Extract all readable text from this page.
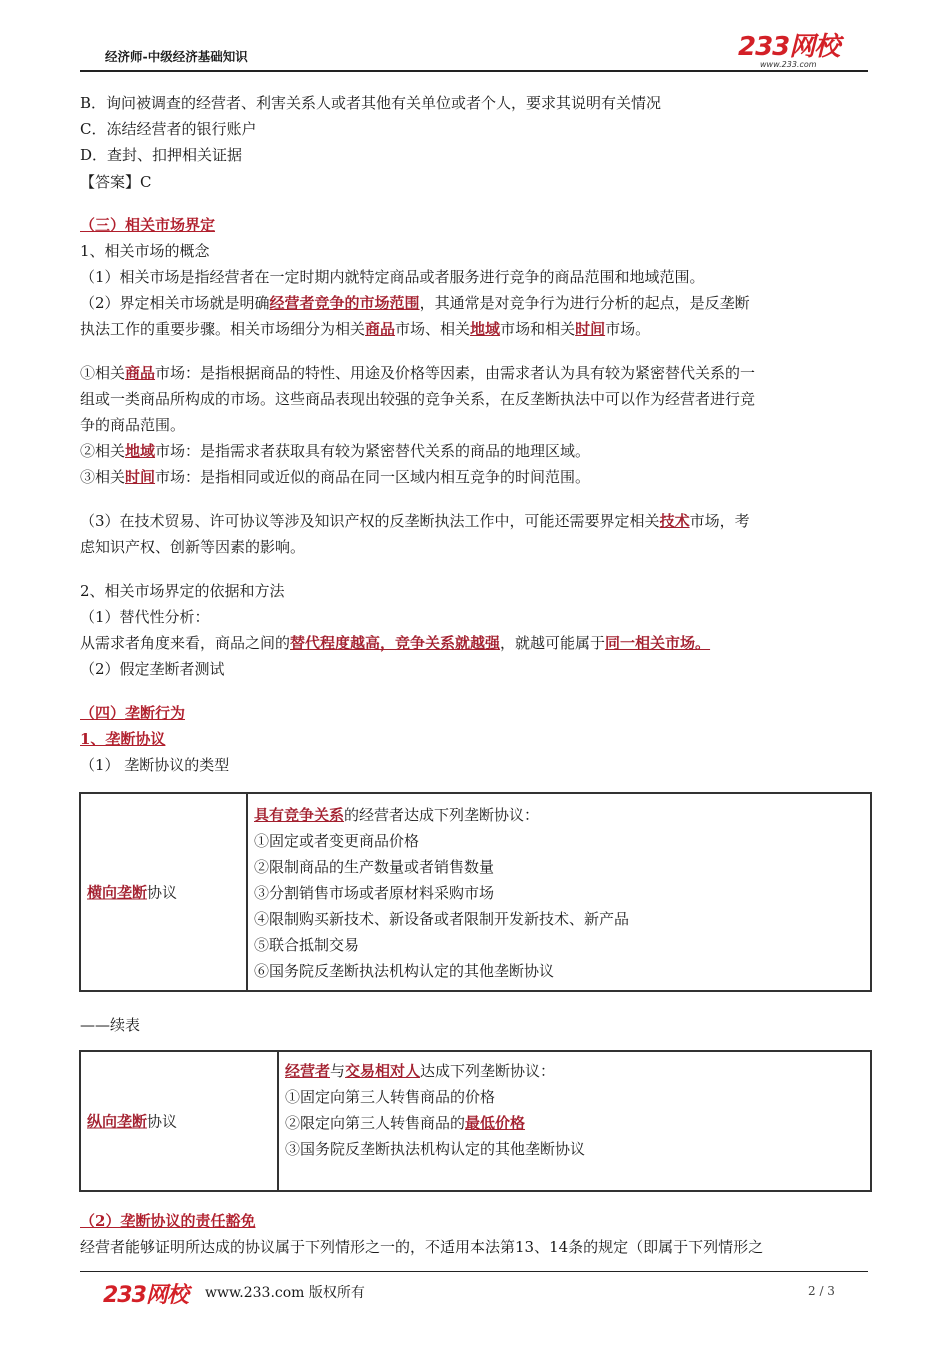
经济师-中级经济基础知识	233网校
www.233.com
B．询问被调查的经营者、利害关系人或者其他有关单位或者个人，要求其说明有关情况
C．冻结经营者的银行账户
D．查封、扣押相关证据
【答案】C
（三）相关市场界定
1、相关市场的概念
（1）相关市场是指经营者在一定时期内就特定商品或者服务进行竞争的商品范围和地域范围。
（2）界定相关市场就是明确经营者竞争的市场范围，其通常是对竞争行为进行分析的起点，是反垄断
执法工作的重要步骤。相关市场细分为相关商品市场、相关地域市场和相关时间市场。
①相关商品市场：是指根据商品的特性、用途及价格等因素，由需求者认为具有较为紧密替代关系的一
组或一类商品所构成的市场。这些商品表现出较强的竞争关系，在反垄断执法中可以作为经营者进行竞
争的商品范围。
②相关地域市场：是指需求者获取具有较为紧密替代关系的商品的地理区域。
③相关时间市场：是指相同或近似的商品在同一区域内相互竞争的时间范围。
（3）在技术贸易、许可协议等涉及知识产权的反垄断执法工作中，可能还需要界定相关技术市场，考
虑知识产权、创新等因素的影响。
2、相关市场界定的依据和方法
（1）替代性分析：
从需求者角度来看，商品之间的替代程度越高，竞争关系就越强，就越可能属于同一相关市场。
（2）假定垄断者测试
（四）垄断行为
1、垄断协议
（1） 垄断协议的类型
横向垄断协议
具有竞争关系的经营者达成下列垄断协议：
①固定或者变更商品价格
②限制商品的生产数量或者销售数量
③分割销售市场或者原材料采购市场
④限制购买新技术、新设备或者限制开发新技术、新产品
⑤联合抵制交易
⑥国务院反垄断执法机构认定的其他垄断协议
——续表
纵向垄断协议
经营者与交易相对人达成下列垄断协议：
①固定向第三人转售商品的价格
②限定向第三人转售商品的最低价格
③国务院反垄断执法机构认定的其他垄断协议
（2）垄断协议的责任豁免
经营者能够证明所达成的协议属于下列情形之一的，不适用本法第13、14条的规定（即属于下列情形之
233网校 www.233.com 版权所有	2 / 3
